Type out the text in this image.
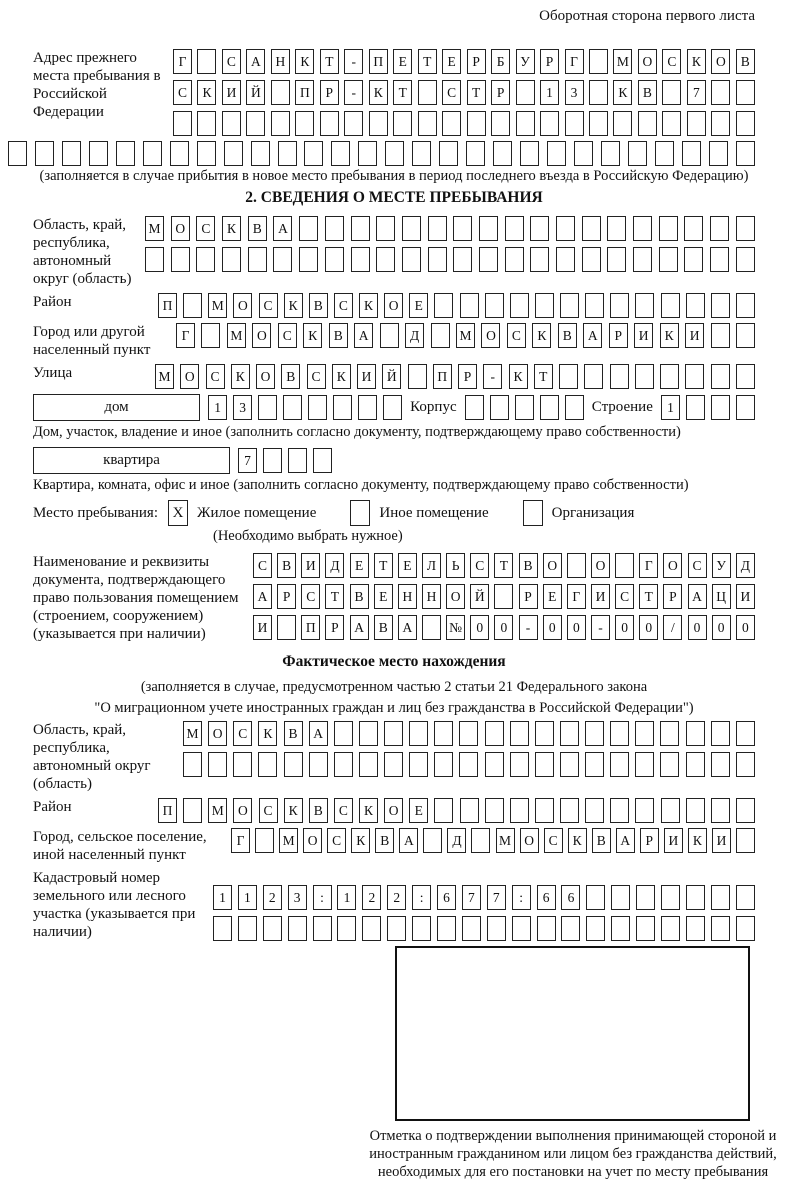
Оборотная сторона первого листа
Адрес прежнего места пребывания в Российской Федерации
Г	С	А	Н	К	Т	-	П	Е	Т	Е	Р	Б	У	Р	Г	М	О	С	К	О	В
С	К	И	Й	П	Р	-	К	Т	С	Т	Р	1	3	К	В	7
(заполняется в случае прибытия в новое место пребывания в период последнего въезда в Российскую Федерацию)
2. СВЕДЕНИЯ О МЕСТЕ ПРЕБЫВАНИЯ
Область, край, республика, автономный округ (область)
М	О	С	К	В	А
Район	П	М	О	С	К	В	С	К	О	Е
Город или другой населенный пункт
Г	М	О	С	К	В	А	Д	М	О	С	К	В	А	Р	И	К	И
Улица	М	О	С	К	О	В	С	К	И	Й	П	Р	-	К	Т
дом	1	3	Корпус	Строение	1
Дом, участок, владение и иное (заполнить согласно документу, подтверждающему право собственности)
квартира	7
Квартира, комната, офис и иное (заполнить согласно документу, подтверждающему право собственности)
Место пребывания: X Жилое помещение	Иное помещение	Организация
(Необходимо выбрать нужное)
Наименование и реквизиты документа, подтверждающего право пользования помещением (строением, сооружением) (указывается при наличии)
С	В	И	Д	Е	Т	Е	Л	Ь	С	Т	В	О	О	Г	О	С	У	Д
А	Р	С	Т	В	Е	Н	Н	О	Й	Р	Е	Г	И	С	Т	Р	А	Ц	И
И	П	Р	А	В	А	№	0	0	-	0	0	-	0	0	/	0	0	0
Фактическое место нахождения
(заполняется в случае, предусмотренном частью 2 статьи 21 Федерального закона
"О миграционном учете иностранных граждан и лиц без гражданства в Российской Федерации")
Область, край, республика, автономный округ (область)
М	О	С	К	В	А
Район	П	М	О	С	К	В	С	К	О	Е
Город, сельское поселение, иной населенный пункт
Г	М О	С	К	В	А	Д	М О	С	К	В	А	Р	И	К	И
Кадастровый номер земельного или лесного участка (указывается при наличии)
1	1	2	3	:	1	2	2	:	6	7	7	:	6	6
Отметка о подтверждении выполнения принимающей стороной и иностранным гражданином или лицом без гражданства действий, необходимых для его постановки на учет по месту пребывания
